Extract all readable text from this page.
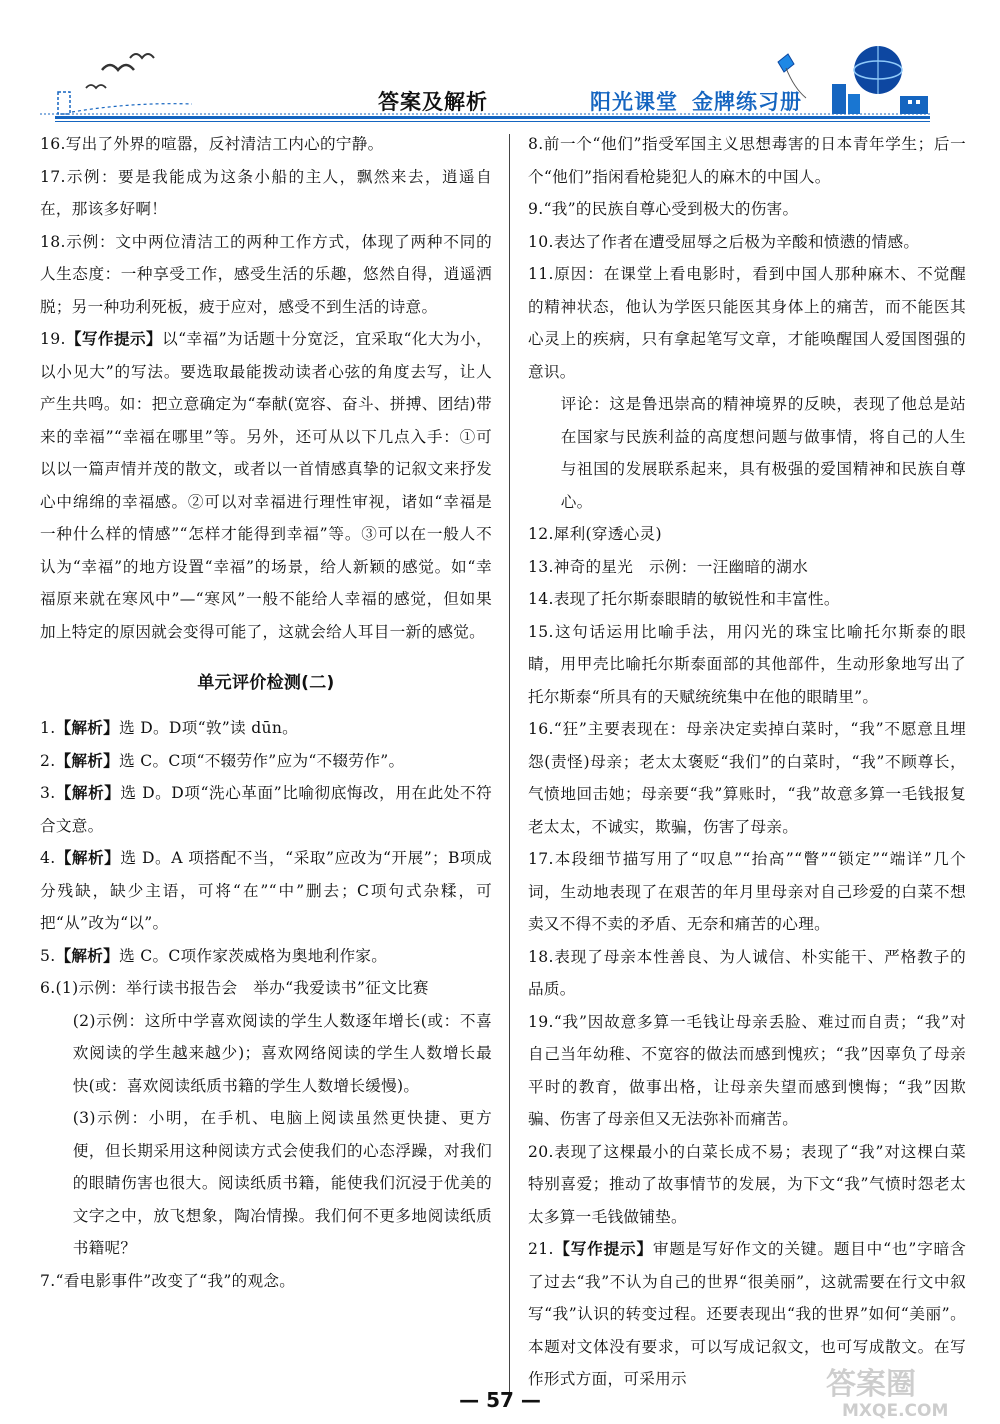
答案及解析	阳光课堂 金牌练习册

16.写出了外界的喧嚣，反衬清洁工内心的宁静。

17.示例：要是我能成为这条小船的主人，飘然来去，逍遥自在，那该多好啊！

18.示例：文中两位清洁工的两种工作方式，体现了两种不同的人生态度：一种享受工作，感受生活的乐趣，悠然自得，逍遥洒脱；另一种功利死板，疲于应对，感受不到生活的诗意。

19.【写作提示】以“幸福”为话题十分宽泛，宜采取“化大为小，以小见大”的写法。要选取最能拨动读者心弦的角度去写，让人产生共鸣。如：把立意确定为“奉献(宽容、奋斗、拼搏、团结)带来的幸福”“幸福在哪里”等。另外，还可从以下几点入手：①可以以一篇声情并茂的散文，或者以一首情感真挚的记叙文来抒发心中绵绵的幸福感。②可以对幸福进行理性审视，诸如“幸福是一种什么样的情感”“怎样才能得到幸福”等。③可以在一般人不认为“幸福”的地方设置“幸福”的场景，给人新颖的感觉。如“幸福原来就在寒风中”—“寒风”一般不能给人幸福的感觉，但如果加上特定的原因就会变得可能了，这就会给人耳目一新的感觉。

单元评价检测(二)

1.【解析】选 D。D项“敦”读 dūn。

2.【解析】选 C。C项“不辍劳作”应为“不辍劳作”。

3.【解析】选 D。D项“洗心革面”比喻彻底悔改，用在此处不符合文意。

4.【解析】选 D。A 项搭配不当，“采取”应改为“开展”；B项成分残缺，缺少主语，可将“在”“中”删去；C项句式杂糅，可把“从”改为“以”。

5.【解析】选 C。C项作家茨威格为奥地利作家。

6.(1)示例：举行读书报告会　举办“我爱读书”征文比赛

(2)示例：这所中学喜欢阅读的学生人数逐年增长(或：不喜欢阅读的学生越来越少)；喜欢网络阅读的学生人数增长最快(或：喜欢阅读纸质书籍的学生人数增长缓慢)。

(3)示例：小明，在手机、电脑上阅读虽然更快捷、更方便，但长期采用这种阅读方式会使我们的心态浮躁，对我们的眼睛伤害也很大。阅读纸质书籍，能使我们沉浸于优美的文字之中，放飞想象，陶冶情操。我们何不更多地阅读纸质书籍呢？

7.“看电影事件”改变了“我”的观念。

8.前一个“他们”指受军国主义思想毒害的日本青年学生；后一个“他们”指闲看枪毙犯人的麻木的中国人。

9.“我”的民族自尊心受到极大的伤害。

10.表达了作者在遭受屈辱之后极为辛酸和愤懑的情感。

11.原因：在课堂上看电影时，看到中国人那种麻木、不觉醒的精神状态，他认为学医只能医其身体上的痛苦，而不能医其心灵上的疾病，只有拿起笔写文章，才能唤醒国人爱国图强的意识。

评论：这是鲁迅崇高的精神境界的反映，表现了他总是站在国家与民族利益的高度想问题与做事情，将自己的人生与祖国的发展联系起来，具有极强的爱国精神和民族自尊心。

12.犀利(穿透心灵)

13.神奇的星光　示例：一汪幽暗的湖水

14.表现了托尔斯泰眼睛的敏锐性和丰富性。

15.这句话运用比喻手法，用闪光的珠宝比喻托尔斯泰的眼睛，用甲壳比喻托尔斯泰面部的其他部件，生动形象地写出了托尔斯泰“所具有的天赋统统集中在他的眼睛里”。

16.“狂”主要表现在：母亲决定卖掉白菜时，“我”不愿意且埋怨(责怪)母亲；老太太褒贬“我们”的白菜时，“我”不顾尊长，气愤地回击她；母亲要“我”算账时，“我”故意多算一毛钱报复老太太，不诚实，欺骗，伤害了母亲。

17.本段细节描写用了“叹息”“抬高”“瞥”“锁定”“端详”几个词，生动地表现了在艰苦的年月里母亲对自己珍爱的白菜不想卖又不得不卖的矛盾、无奈和痛苦的心理。

18.表现了母亲本性善良、为人诚信、朴实能干、严格教子的品质。

19.“我”因故意多算一毛钱让母亲丢脸、难过而自责；“我”对自己当年幼稚、不宽容的做法而感到愧疚；“我”因辜负了母亲平时的教育，做事出格，让母亲失望而感到懊悔；“我”因欺骗、伤害了母亲但又无法弥补而痛苦。

20.表现了这棵最小的白菜长成不易；表现了“我”对这棵白菜特别喜爱；推动了故事情节的发展，为下文“我”气愤时怨老太太多算一毛钱做铺垫。

21.【写作提示】审题是写好作文的关键。题目中“也”字暗含了过去“我”不认为自己的世界“很美丽”，这就需要在行文中叙写“我”认识的转变过程。还要表现出“我的世界”如何“美丽”。本题对文体没有要求，可以写成记叙文，也可写成散文。在写作形式方面，可采用示

— 57 —	答案圈
MXQE.COM
